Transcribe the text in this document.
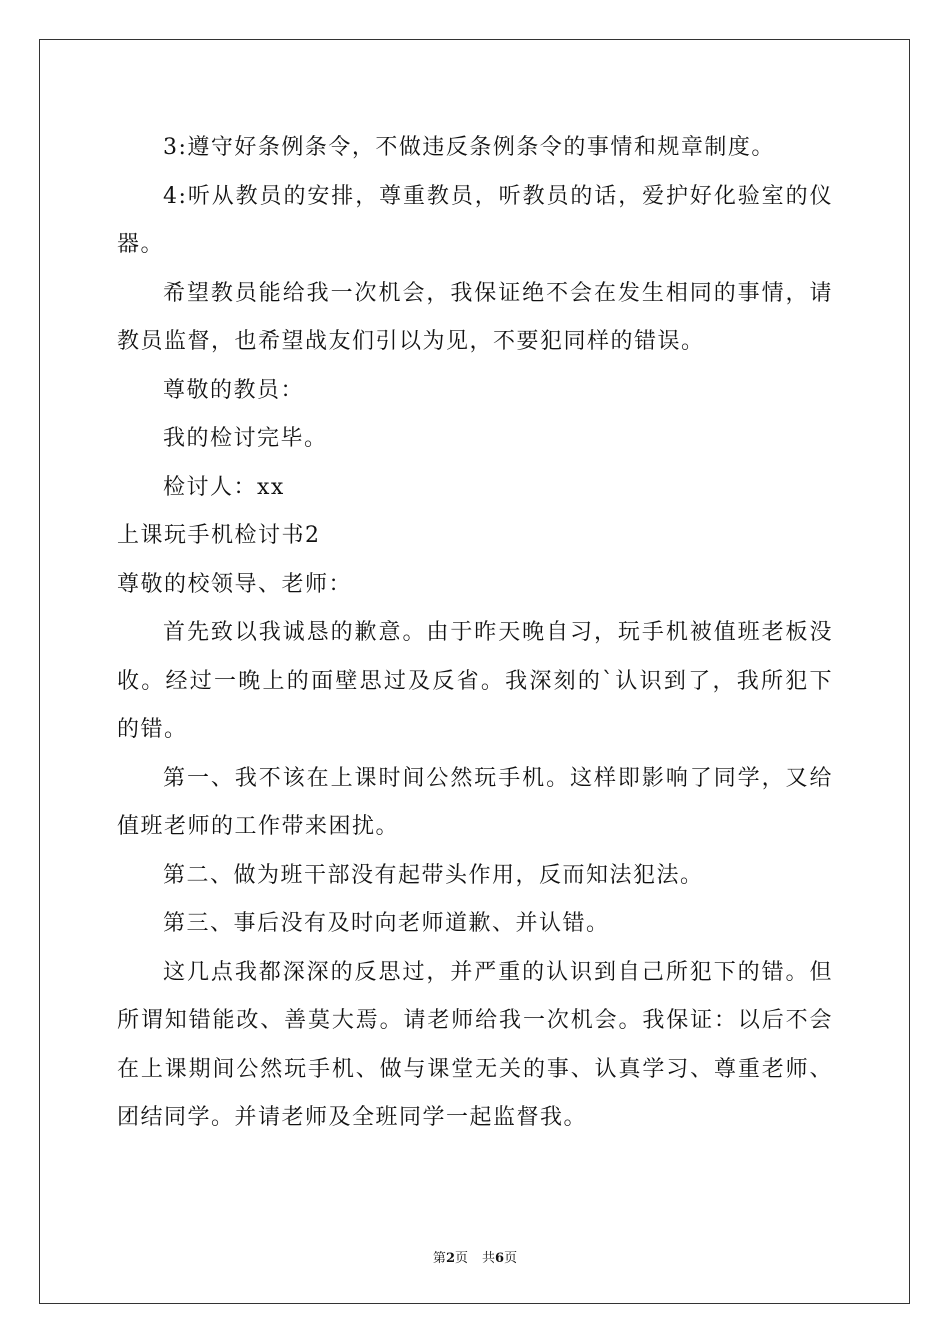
3:遵守好条例条令，不做违反条例条令的事情和规章制度。

4:听从教员的安排，尊重教员，听教员的话，爱护好化验室的仪器。

希望教员能给我一次机会，我保证绝不会在发生相同的事情，请教员监督，也希望战友们引以为见，不要犯同样的错误。

尊敬的教员：

我的检讨完毕。

检讨人：xx

上课玩手机检讨书2

尊敬的校领导、老师：

首先致以我诚恳的歉意。由于昨天晚自习，玩手机被值班老板没收。经过一晚上的面壁思过及反省。我深刻的`认识到了，我所犯下的错。

第一、我不该在上课时间公然玩手机。这样即影响了同学，又给值班老师的工作带来困扰。

第二、做为班干部没有起带头作用，反而知法犯法。

第三、事后没有及时向老师道歉、并认错。

这几点我都深深的反思过，并严重的认识到自己所犯下的错。但所谓知错能改、善莫大焉。请老师给我一次机会。我保证：以后不会在上课期间公然玩手机、做与课堂无关的事、认真学习、尊重老师、团结同学。并请老师及全班同学一起监督我。

第2页 共6页
